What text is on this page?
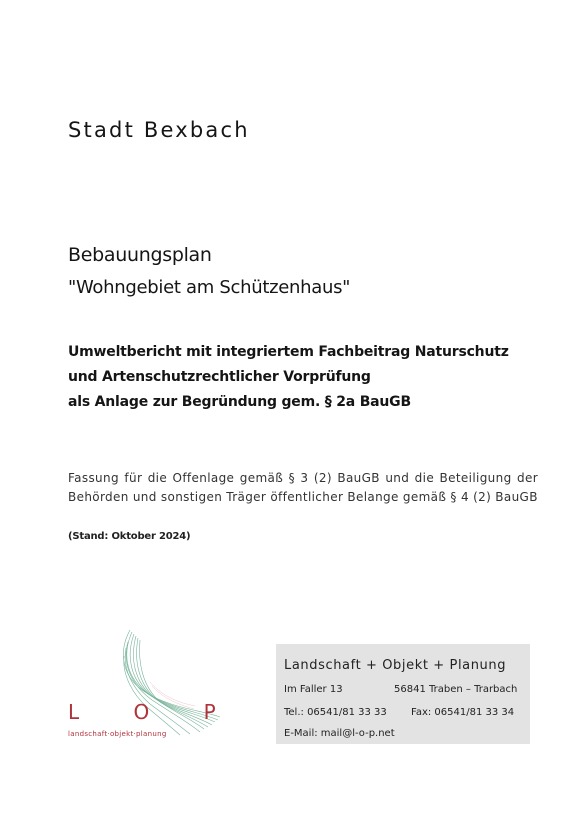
Stadt Bexbach
Bebauungsplan
"Wohngebiet am Schützenhaus"
Umweltbericht mit integriertem Fachbeitrag Naturschutz
und Artenschutzrechtlicher Vorprüfung
als Anlage zur Begründung gem. § 2a BauGB
Fassung für die Offenlage gemäß § 3 (2) BauGB und die Beteiligung der Behörden und sonstigen Träger öffentlicher Belange gemäß § 4 (2) BauGB
(Stand: Oktober 2024)
L O P
landschaft·objekt·planung
Landschaft + Objekt + Planung
Im Faller 13	56841 Traben – Trarbach
Tel.: 06541/81 33 33 Fax: 06541/81 33 34
E-Mail: mail@l-o-p.net
